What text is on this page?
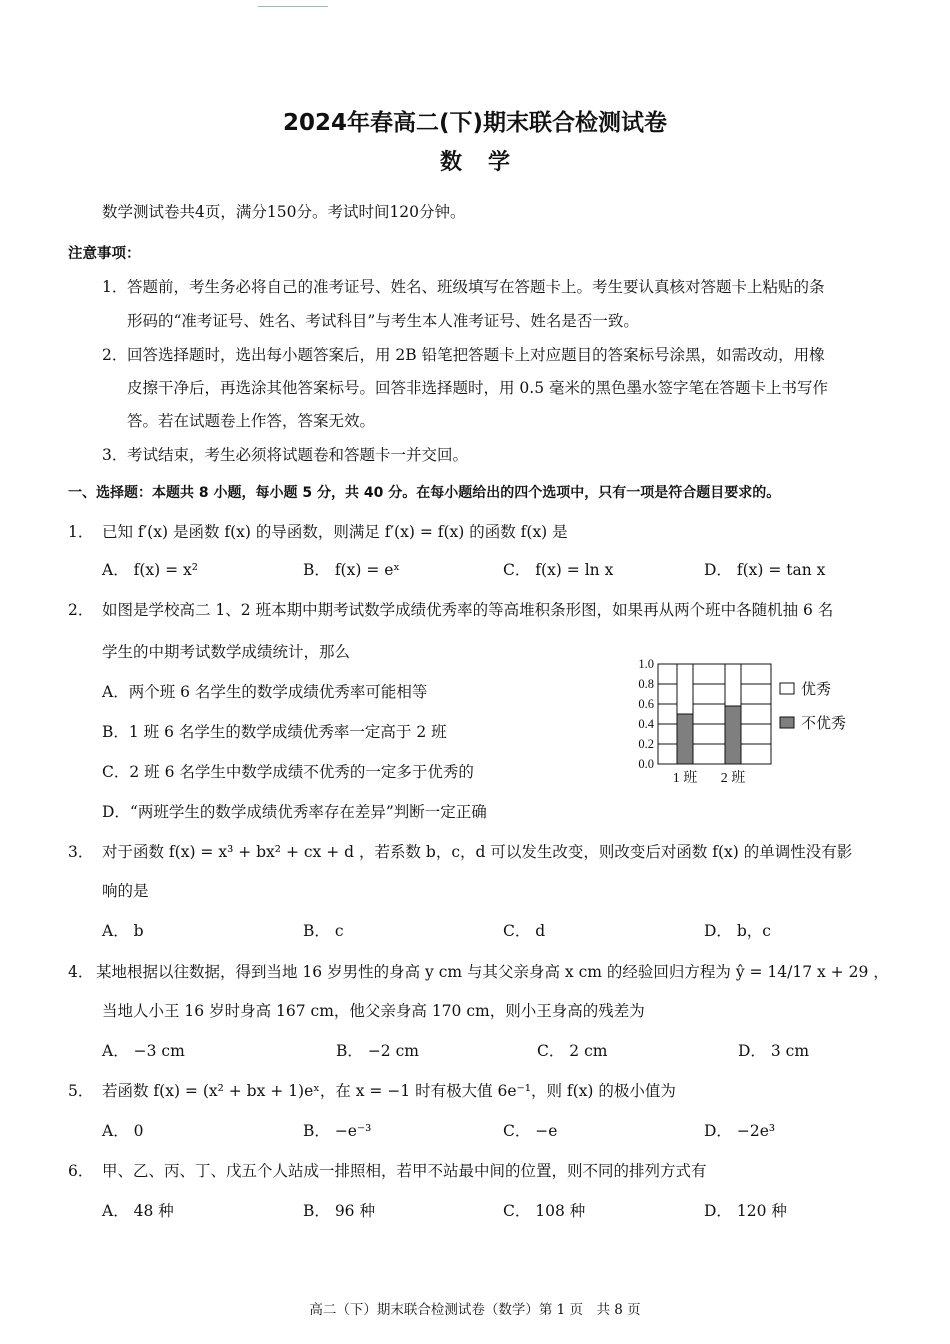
2024年春高二(下)期末联合检测试卷
数学
数学测试卷共4页，满分150分。考试时间120分钟。
注意事项：
1． 答题前，考生务必将自己的准考证号、姓名、班级填写在答题卡上。考生要认真核对答题卡上粘贴的条
形码的“准考证号、姓名、考试科目”与考生本人准考证号、姓名是否一致。
2． 回答选择题时，选出每小题答案后，用 2B 铅笔把答题卡上对应题目的答案标号涂黑，如需改动，用橡
皮擦干净后，再选涂其他答案标号。回答非选择题时，用 0.5 毫米的黑色墨水签字笔在答题卡上书写作
答。若在试题卷上作答，答案无效。
3． 考试结束，考生必须将试题卷和答题卡一并交回。
一、选择题：本题共 8 小题，每小题 5 分，共 40 分。在每小题给出的四个选项中，只有一项是符合题目要求的。
1． 已知 f′(x) 是函数 f(x) 的导函数，则满足 f′(x) = f(x) 的函数 f(x) 是
A． f(x) = x²	B． f(x) = eˣ	C． f(x) = ln x	D． f(x) = tan x
2． 如图是学校高二 1、2 班本期中期考试数学成绩优秀率的等高堆积条形图，如果再从两个班中各随机抽 6 名
学生的中期考试数学成绩统计，那么
A．两个班 6 名学生的数学成绩优秀率可能相等
B．1 班 6 名学生的数学成绩优秀率一定高于 2 班
C．2 班 6 名学生中数学成绩不优秀的一定多于优秀的
D．“两班学生的数学成绩优秀率存在差异”判断一定正确
0.0
0.2
0.4
0.6
0.8
1.0
1 班 2 班
优秀
不优秀
3． 对于函数 f(x) = x³ + bx² + cx + d ，若系数 b，c，d 可以发生改变，则改变后对函数 f(x) 的单调性没有影
响的是
A． b	B． c	C． d	D． b，c
4． 某地根据以往数据，得到当地 16 岁男性的身高 y cm 与其父亲身高 x cm 的经验回归方程为 ŷ = 14/17 x + 29 ，
当地人小王 16 岁时身高 167 cm，他父亲身高 170 cm，则小王身高的残差为
A． −3 cm	B． −2 cm	C． 2 cm	D． 3 cm
5． 若函数 f(x) = (x² + bx + 1)eˣ，在 x = −1 时有极大值 6e⁻¹，则 f(x) 的极小值为
A． 0	B． −e⁻³	C． −e	D． −2e³
6． 甲、乙、丙、丁、戊五个人站成一排照相，若甲不站最中间的位置，则不同的排列方式有
A． 48 种	B． 96 种	C． 108 种	D． 120 种
高二（下）期末联合检测试卷（数学）第 1 页　共 8 页
